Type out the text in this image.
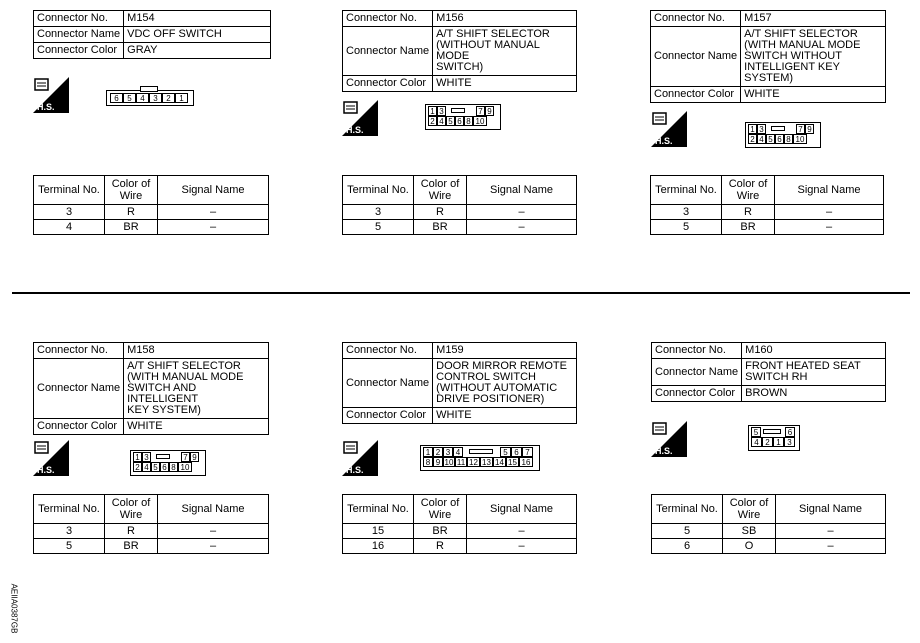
Connector No.	M154
Connector Name	VDC OFF SWITCH

Connector Color	GRAY
Connector No.	M156
Connector Name	A/T SHIFT SELECTOR
(WITHOUT MANUAL MODE
SWITCH)

Connector Color	WHITE
Connector No.	M157
Connector Name	A/T SHIFT SELECTOR
(WITH MANUAL MODE
SWITCH WITHOUT
INTELLIGENT KEY SYSTEM)

Connector Color	WHITE
Connector No.	M158
Connector Name	A/T SHIFT SELECTOR
(WITH MANUAL MODE
SWITCH AND INTELLIGENT
KEY SYSTEM)

Connector Color	WHITE
Connector No.	M159
Connector Name	DOOR MIRROR REMOTE
CONTROL SWITCH
(WITHOUT AUTOMATIC
DRIVE POSITIONER)

Connector Color	WHITE
Connector No.	M160
Connector Name	FRONT HEATED SEAT
SWITCH RH

Connector Color	BROWN
H.S.
H.S.
H.S.
H.S.	H.S.
H.S.
6	5	4	3	2	1
1 3	7 9
2 4 5 6 8 10
1 3	7 9
2 4 5 6 8 10
1 3	7 9
2 4 5 6 8 10
1 2 3 4	5 6 7
8 9 10 11 12 13 14 15 16
5	6
4 2 1 3
Terminal No.	Color of Wire	Signal Name
3	R	–
4	BR	–
Terminal No.	Color of Wire	Signal Name
3	R	–
5	BR	–
Terminal No.	Color of Wire	Signal Name
3	R	–
5	BR	–
Terminal No.	Color of Wire	Signal Name
3	R	–
5	BR	–
Terminal No.	Color of Wire	Signal Name
15	BR	–
16	R	–
Terminal No.	Color of Wire	Signal Name
5	SB	–
6	O	–
AEIIA0387GB
